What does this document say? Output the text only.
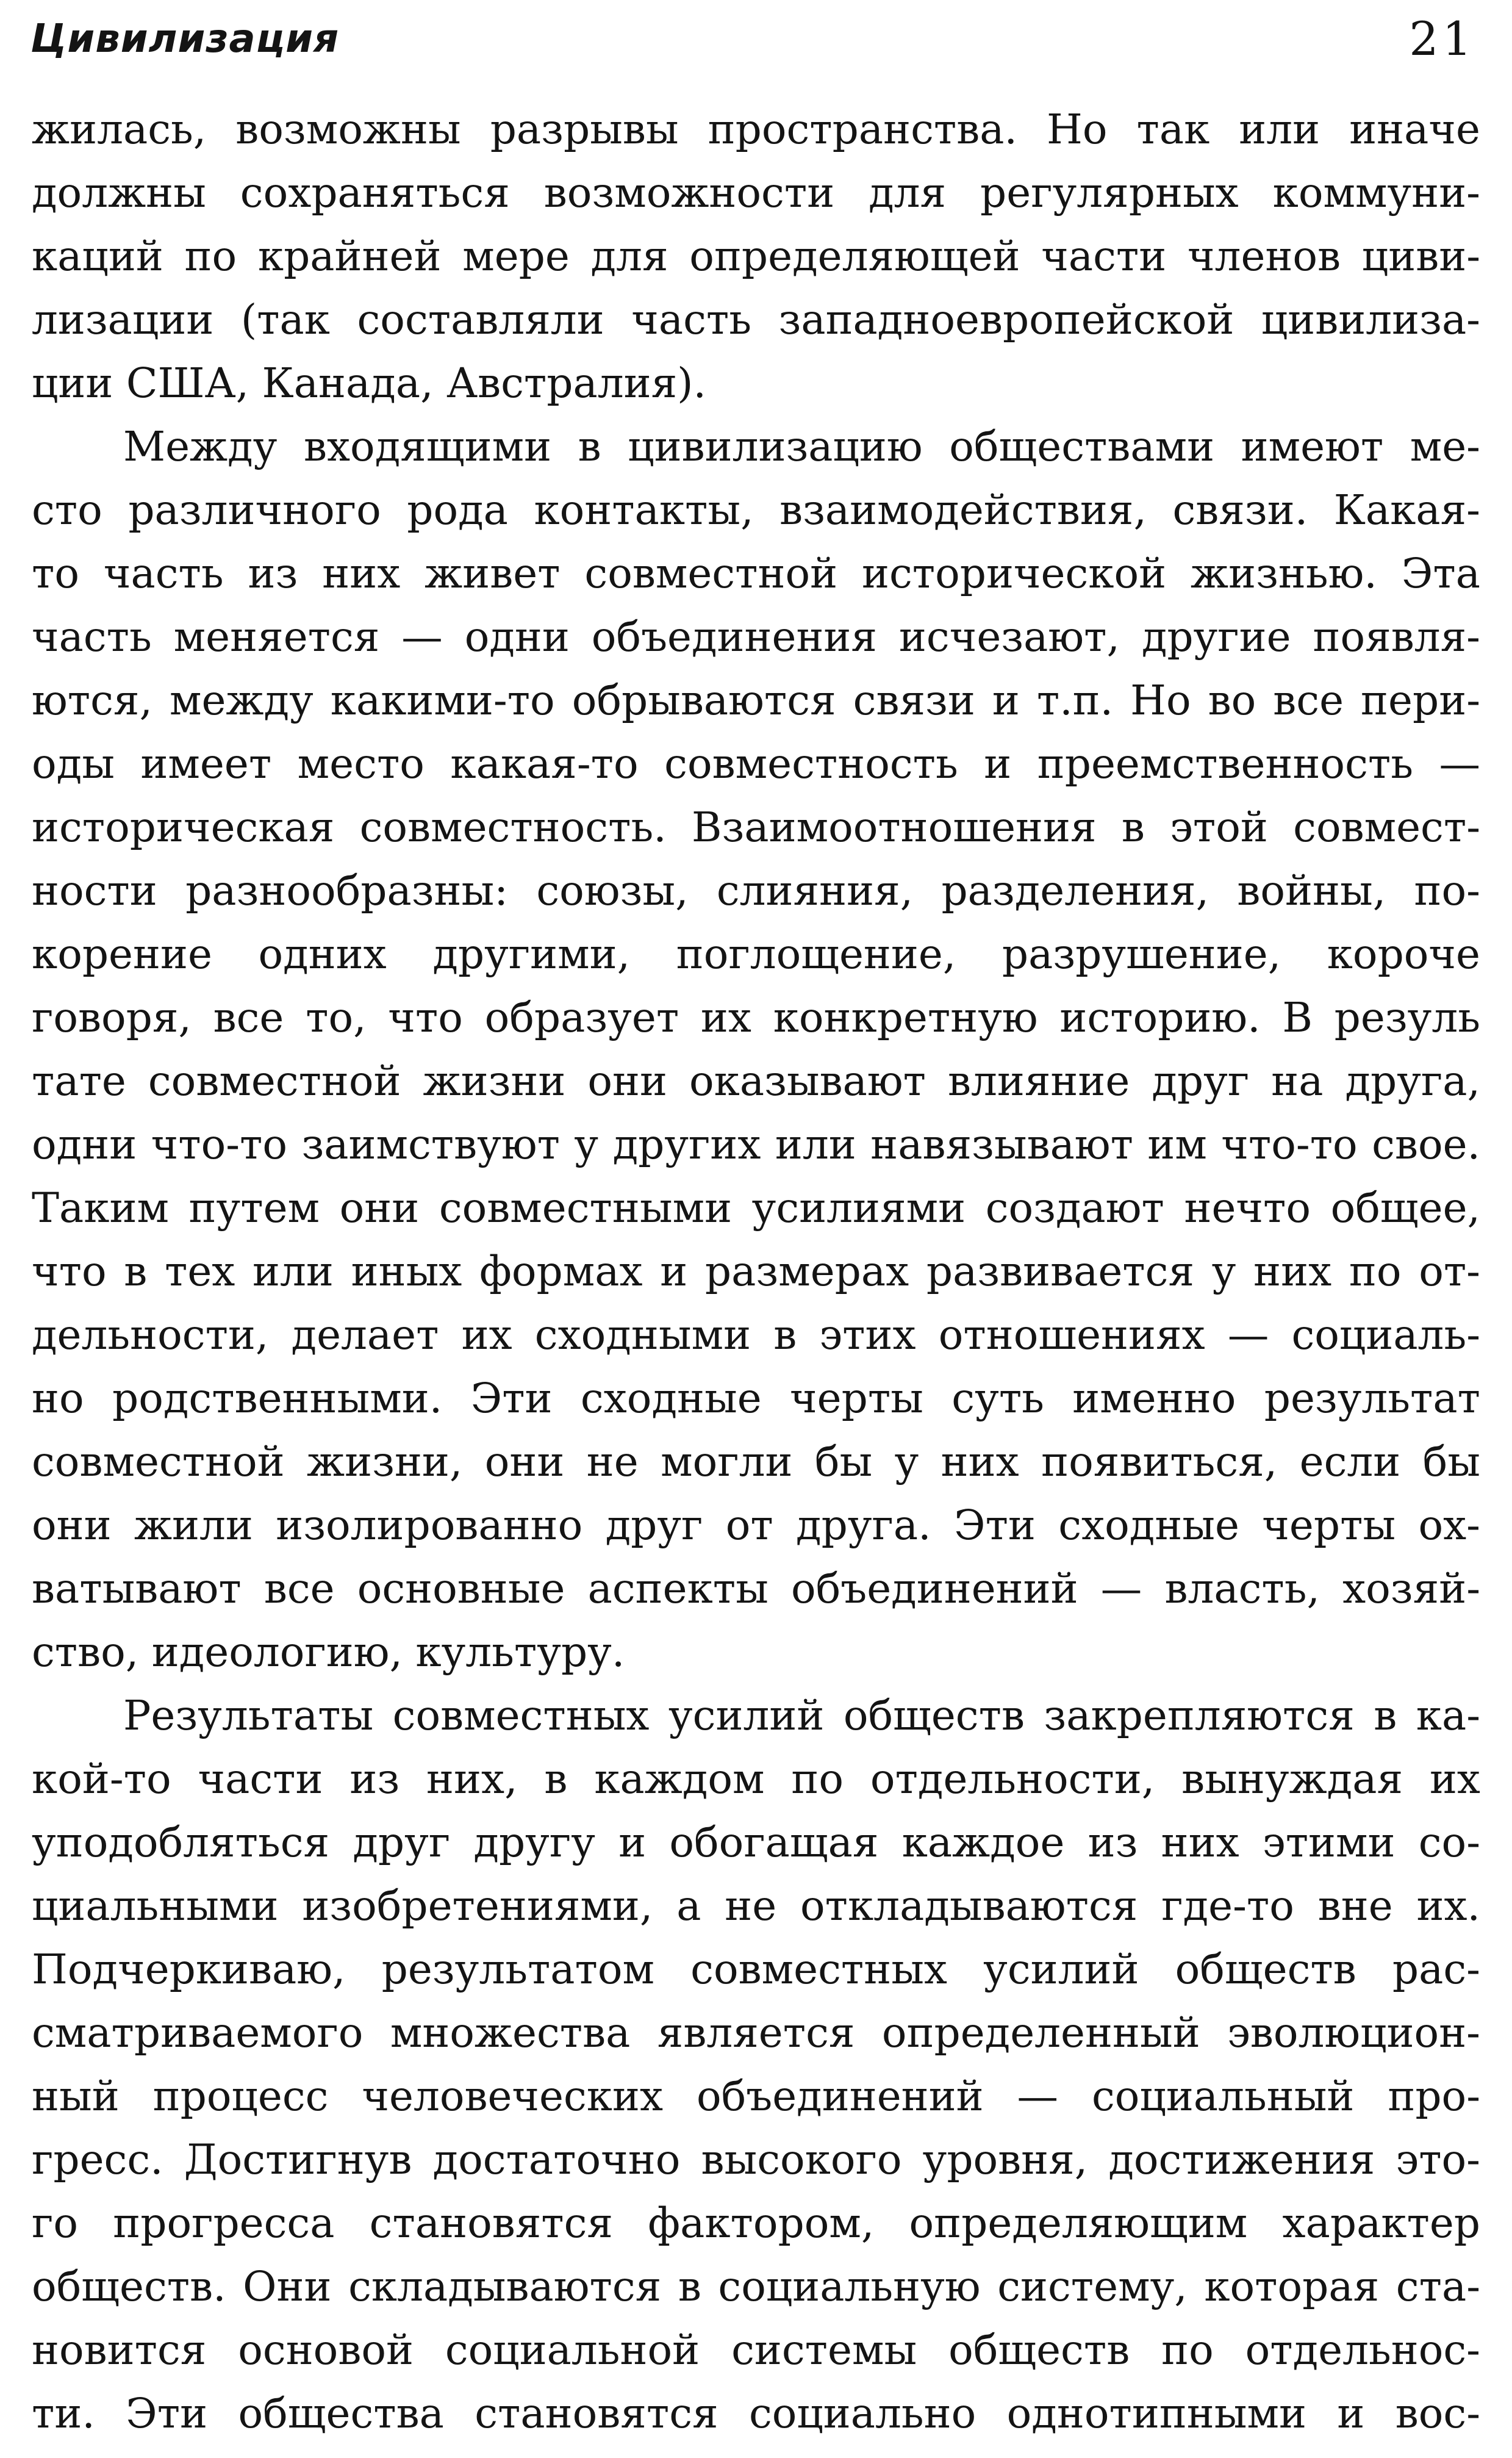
Цивилизация	21
жилась, возможны разрывы пространства. Но так или иначе
должны сохраняться возможности для регулярных коммуни-
каций по крайней мере для определяющей части членов циви-
лизации (так составляли часть западноевропейской цивилиза-
ции США, Канада, Австралия).
Между входящими в цивилизацию обществами имеют ме-
сто различного рода контакты, взаимодействия, связи. Какая-
то часть из них живет совместной исторической жизнью. Эта
часть меняется — одни объединения исчезают, другие появля-
ются, между какими-то обрываются связи и т.п. Но во все пери-
оды имеет место какая-то совместность и преемственность —
историческая совместность. Взаимоотношения в этой совмест-
ности разнообразны: союзы, слияния, разделения, войны, по-
корение одних другими, поглощение, разрушение, короче
говоря, все то, что образует их конкретную историю. В резуль
тате совместной жизни они оказывают влияние друг на друга,
одни что-то заимствуют у других или навязывают им что-то свое.
Таким путем они совместными усилиями создают нечто общее,
что в тех или иных формах и размерах развивается у них по от-
дельности, делает их сходными в этих отношениях — социаль-
но родственными. Эти сходные черты суть именно результат
совместной жизни, они не могли бы у них появиться, если бы
они жили изолированно друг от друга. Эти сходные черты ох-
ватывают все основные аспекты объединений — власть, хозяй-
ство, идеологию, культуру.
Результаты совместных усилий обществ закрепляются в ка-
кой-то части из них, в каждом по отдельности, вынуждая их
уподобляться друг другу и обогащая каждое из них этими со-
циальными изобретениями, а не откладываются где-то вне их.
Подчеркиваю, результатом совместных усилий обществ рас-
сматриваемого множества является определенный эволюцион-
ный процесс человеческих объединений — социальный про-
гресс. Достигнув достаточно высокого уровня, достижения это-
го прогресса становятся фактором, определяющим характер
обществ. Они складываются в социальную систему, которая ста-
новится основой социальной системы обществ по отдельнос-
ти. Эти общества становятся социально однотипными и вос-
